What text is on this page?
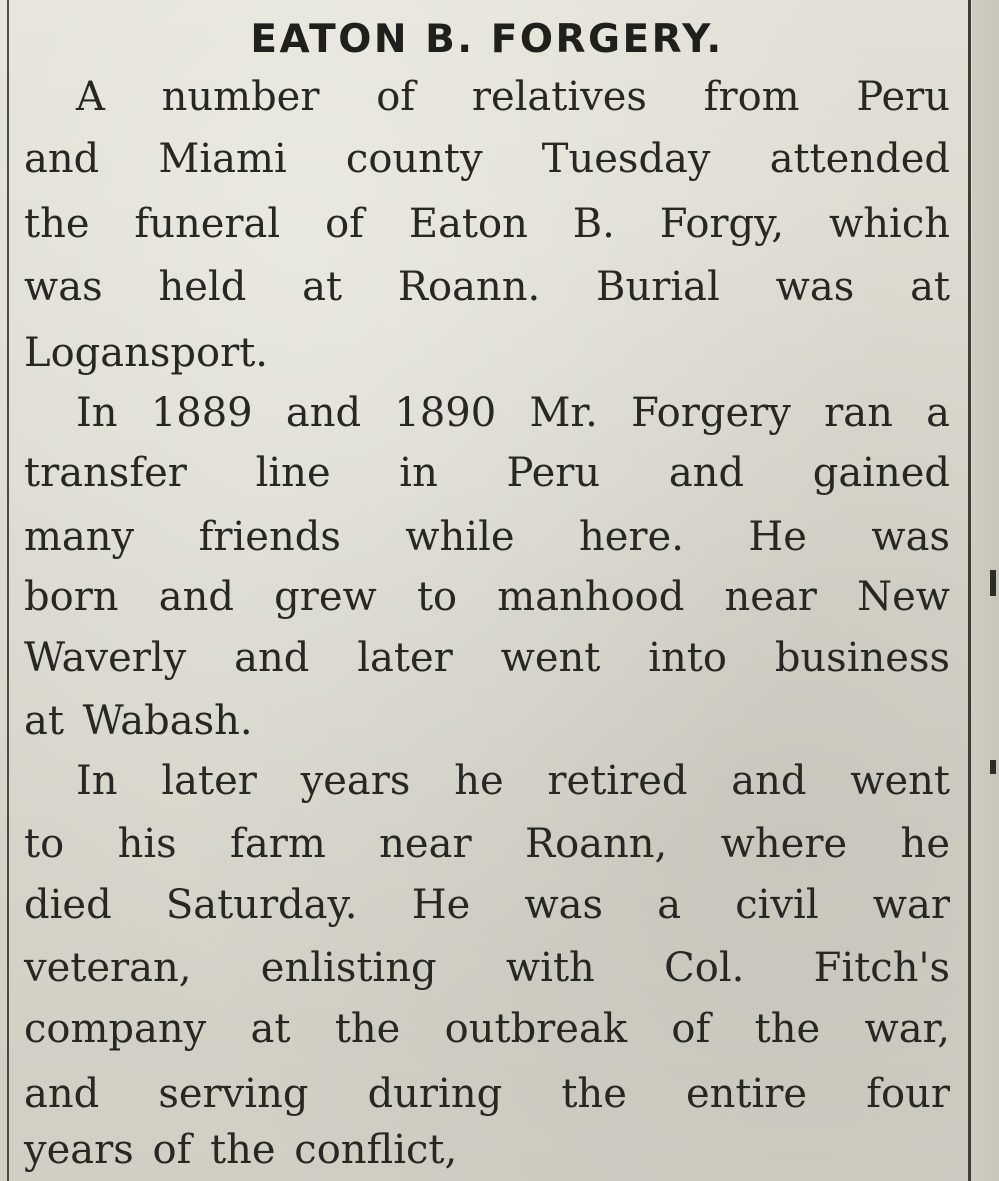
EATON B. FORGERY.
A number of relatives from Peru
and Miami county Tuesday attended
the funeral of Eaton B. Forgy, which
was held at Roann. Burial was at
Logansport.
In 1889 and 1890 Mr. Forgery ran a
transfer line in Peru and gained
many friends while here. He was
born and grew to manhood near New
Waverly and later went into business
at Wabash.
In later years he retired and went
to his farm near Roann, where he
died Saturday. He was a civil war
veteran, enlisting with Col. Fitch's
company at the outbreak of the war,
and serving during the entire four
years of the conflict,
